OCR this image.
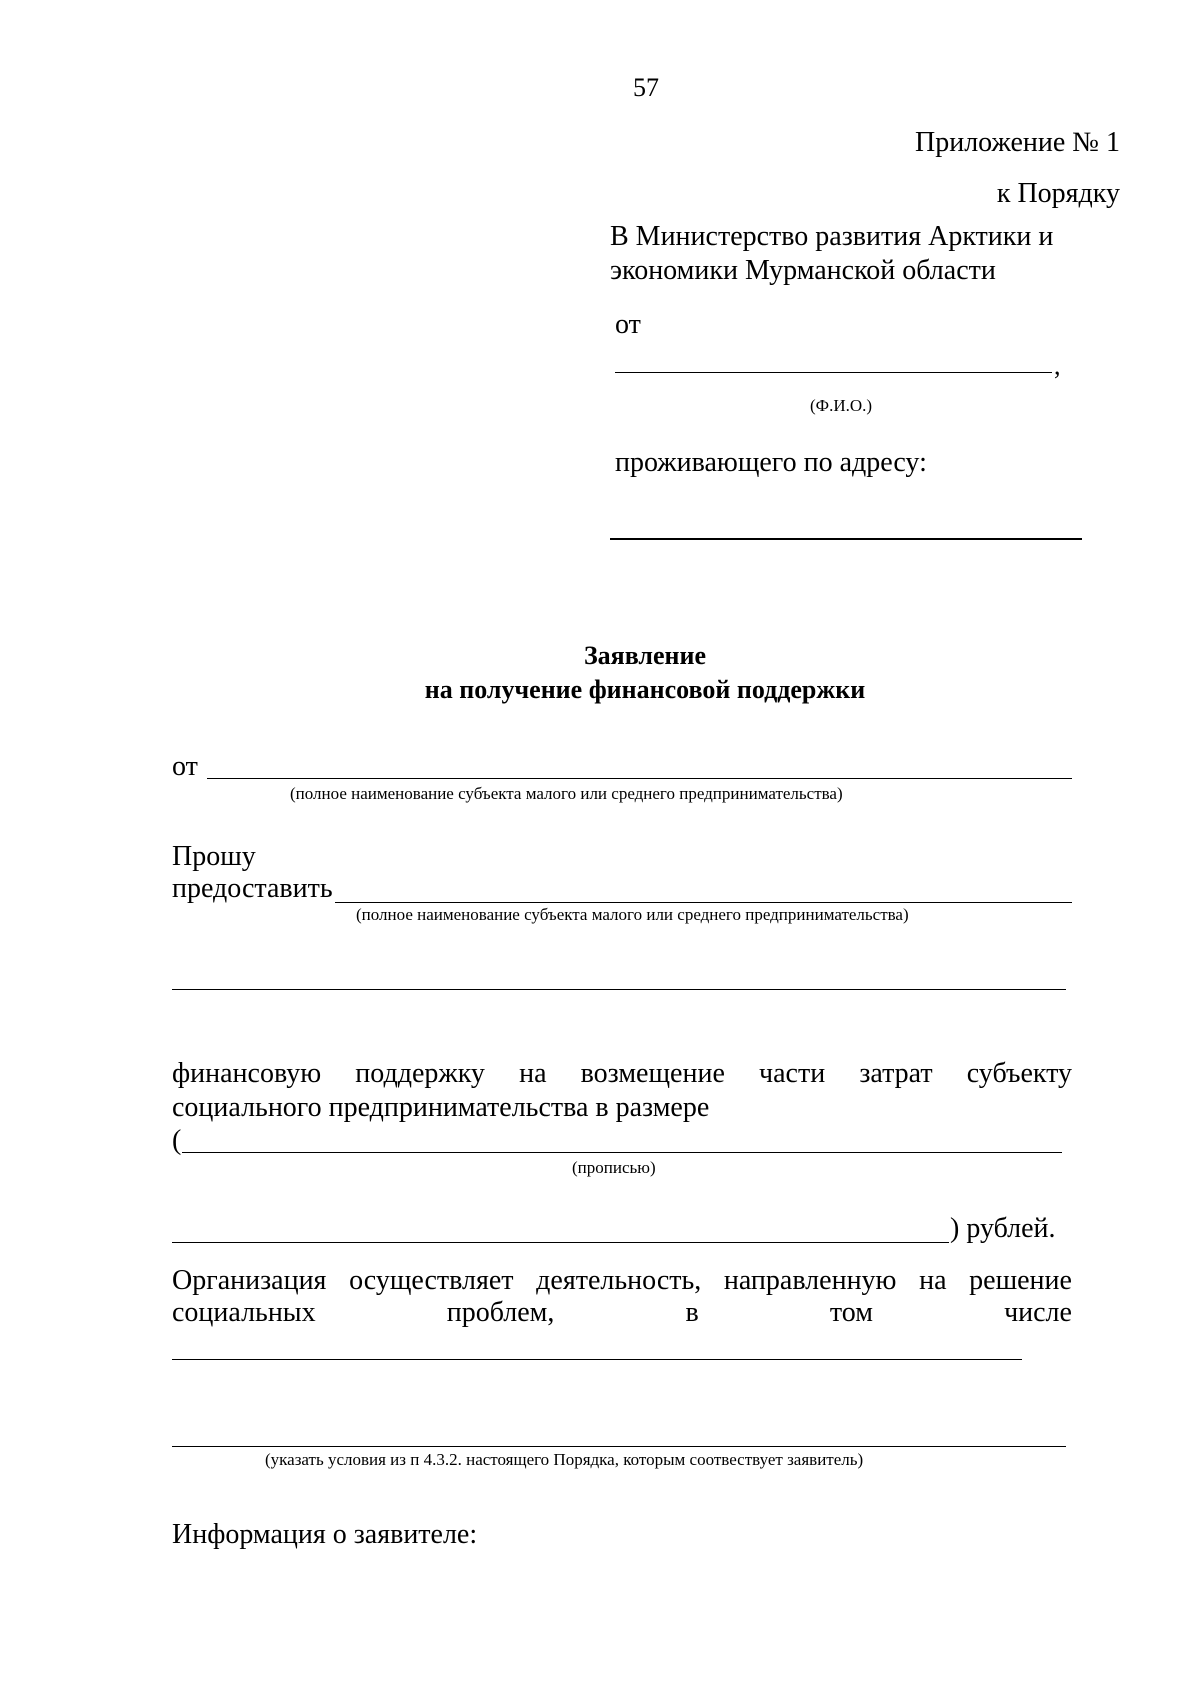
57
Приложение № 1
к Порядку
В Министерство развития Арктики и
экономики Мурманской области
от
,
(Ф.И.О.)
проживающего по адресу:
Заявление
на получение финансовой поддержки
от
(полное наименование субъекта малого или среднего предпринимательства)
Прошу
предоставить
(полное наименование субъекта малого или среднего предпринимательства)
финансовую поддержку на возмещение части затрат субъекту
социального предпринимательства в размере
(
(прописью)
) рублей.
Организация осуществляет деятельность, направленную на решение
социальных	проблем,	в	том	числе
(указать условия из п 4.3.2. настоящего Порядка, которым соотвествует заявитель)
Информация о заявителе:
